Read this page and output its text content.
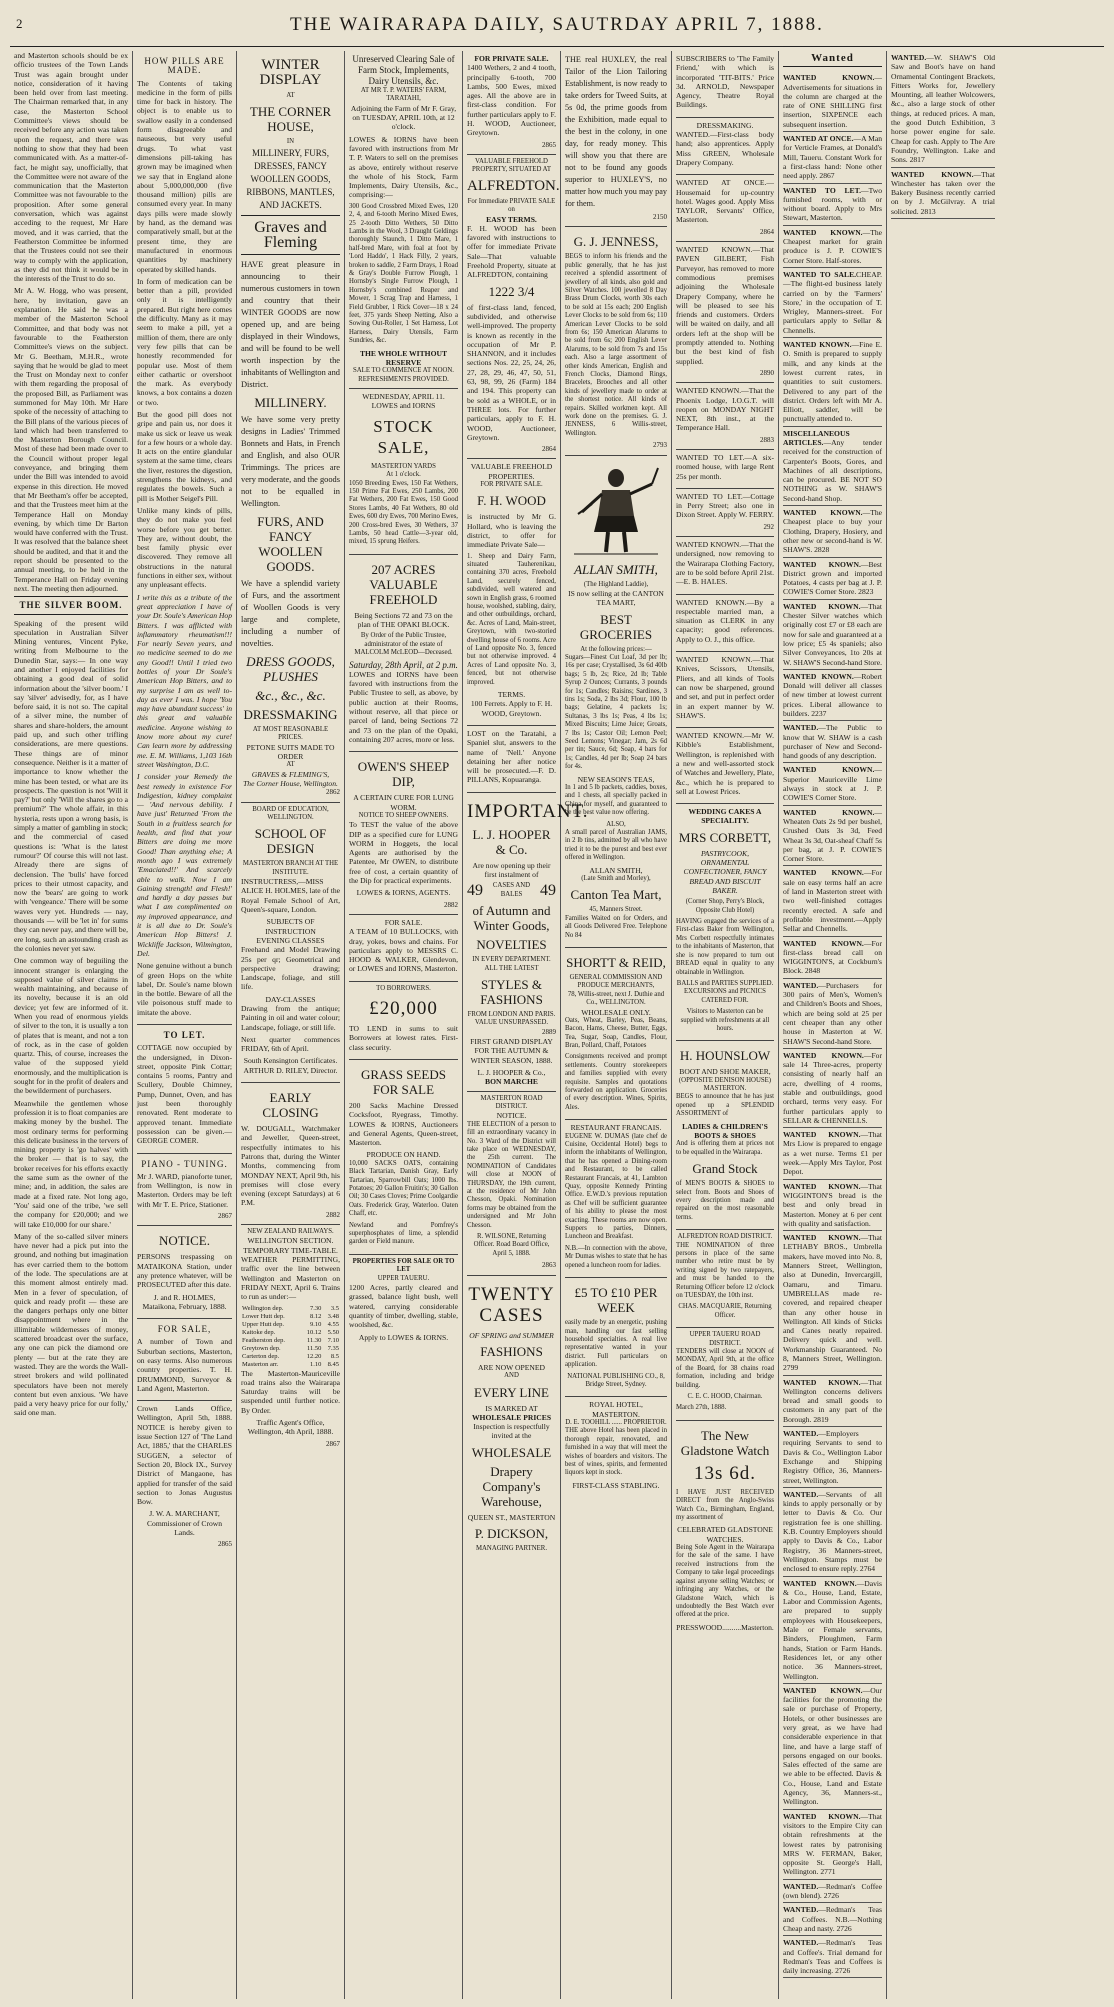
2	THE WAIRARAPA DAILY, SAUTRDAY APRIL 7, 1888.

and Masterton schools should be ex officio trustees of the Town Lands Trust was again brought under notice, consideration of it having been held over from last meeting. The Chairman remarked that, in any case, the Masterton School Committee's views should be received before any action was taken upon the request, and there was nothing to show that they had been communicated with. As a matter-of-fact, he might say, unofficially, that the Committee were not aware of the communication that the Masterton Committee was not favourable to the proposition. After some general conversation, which was against acceding to the request, Mr Hare moved, and it was carried, that the Featherston Committee be informed that the Trustees could not see their way to comply with the application, as they did not think it would be in the interests of the Trust to do so.

Mr A. W. Hogg, who was present, here, by invitation, gave an explanation. He said he was a member of the Masterton School Committee, and that body was not favourable to the Featherston Committee's views on the subject. Mr G. Beetham, M.H.R., wrote saying that he would be glad to meet the Trust on Monday next to confer with them regarding the proposal of the proposed Bill, as Parliament was summoned for May 10th. Mr Hare spoke of the necessity of attaching to the Bill plans of the various pieces of land which had been transferred to the Masterton Borough Council. Most of these had been made over to the Council without proper legal conveyance, and bringing them under the Bill was intended to avoid expense in this direction. He moved that Mr Beetham's offer be accepted, and that the Trustees meet him at the Temperance Hall on Monday evening, by which time Dr Barton would have conferred with the Trust. It was resolved that the balance sheet should be audited, and that it and the report should be presented to the annual meeting, to be held in the Temperance Hall on Friday evening next. The meeting then adjourned.

THE SILVER BOOM.

Speaking of the present wild speculation in Australian Silver Mining ventures, Vincent Pyke, writing from Melbourne to the Dunedin Star, says:— In one way and another I enjoyed facilities for obtaining a good deal of solid information about the 'silver boom.' I say 'silver' advisedly, for, as I have before said, it is not so. The capital of a silver mine, the number of shares and share-holders, the amount paid up, and such other trifling considerations, are mere questions. These things are of minor consequence. Neither is it a matter of importance to know whether the mine has been tested, or what are its prospects. The question is not 'Will it pay?' but only 'Will the shares go to a premium?' The whole affair, in this hysteria, rests upon a wrong basis, is simply a matter of gambling in stock; and the commercial of cased questions is: 'What is the latest rumour?' Of course this will not last. Already there are signs of declension. The 'bulls' have forced prices to their utmost capacity, and now the 'bears' are going to work with 'vengeance.' There will be some waves very yet. Hundreds — nay, thousands — will be 'let in' for sums they can never pay, and there will be, ere long, such an astounding crash as the colonies never yet saw.

One common way of beguiling the innocent stranger is enlarging the supposed value of silver claims in wealth maintaining, and because of its novelty, because it is an old device; yet few are informed of it. When you read of enormous yields of silver to the ton, it is usually a ton of plates that is meant, and not a ton of rock, as in the case of golden quartz. This, of course, increases the value of the supposed yield enormously, and the multiplication is sought for in the profit of dealers and the bewilderment of purchasers.

Meanwhile the gentlemen whose profession it is to float companies are making money by the bushel. The most ordinary terms for performing this delicate business in the tervers of mining property is 'go halves' with the broker — that is to say, the broker receives for his efforts exactly the same sum as the owner of the mine; and, in addition, the sales are made at a fixed rate. Not long ago, 'You' said one of the tribe, 'we sell the company for £20,000; and we will take £10,000 for our share.'

Many of the so-called silver miners have never had a pick put into the ground, and nothing but imagination has ever carried them to the bottom of the lode. The speculations are at this moment almost entirely mad. Men in a fever of speculation, of quick and ready profit — these are the dangers perhaps only one bitter disappointment where in the illimitable wildernesses of money, scattered broadcast over the surface, any one can pick the diamond ore plenty — but at the rate they are wasted. They are the words the Wall-street brokers and wild pollinated speculators have been not merely content but even anxious. 'We have paid a very heavy price for our folly,' said one man.

HOW PILLS ARE MADE.

The Contents of taking medicine in the form of pills time for back in history. The object is to enable us to swallow easily in a condensed form disagreeable and nauseous, but very useful drugs. To what vast dimensions pill-taking has grown may be imagined when we say that in England alone about 5,000,000,000 (five thousand million) pills are consumed every year. In many days pills were made slowly by hand, as the demand was comparatively small, but at the present time, they are manufactured in enormous quantities by machinery operated by skilled hands.

In form of medication can be better than a pill, provided only it is intelligently prepared. But right here comes the difficulty. Many as it may seem to make a pill, yet a million of them, there are only very few pills that can be honestly recommended for popular use. Most of them either cathartic or overshoot the mark. As everybody knows, a box contains a dozen or two.

But the good pill does not gripe and pain us, nor does it make us sick or leave us weak for a few hours or a whole day. It acts on the entire glandular system at the same time, clears the liver, restores the digestion, strengthens the kidneys, and regulates the bowels. Such a pill is Mother Seigel's Pill.

Unlike many kinds of pills, they do not make you feel worse before you get better. They are, without doubt, the best family physic ever discovered. They remove all obstructions in the natural functions in either sex, without any unpleasant effects.

I write this as a tribute of the great appreciation I have of your Dr. Soule's American Hop Bitters. I was afflicted with inflammatory rheumatism!!! For nearly Seven years, and no medicine seemed to do me any Good!! Until I tried two bottles of your Dr Soule's American Hop Bitters, and to my surprise I am as well to-day as ever I was. I hope 'You may have abundant success' in this great and valuable medicine. Anyone wishing to know more about my cure! Can learn more by addressing me. E. M. Williams, 1,103 16th street Washington, D.C.

I consider your Remedy the best remedy in existence For Indigestion, kidney complaint — 'And nervous debility. I have just' Returned 'From the South in a fruitless search for health, and find that your Bitters are doing me more Good! Than anything else; A month ago I was extremely 'Emaciated!!' And scarcely able to walk. Now I am Gaining strength! and Flesh!' and hardly a day passes but what I am complimented on my improved appearance, and it is all due to Dr. Soule's American Hop Bitters! J. Wickliffe Jackson, Wilmington, Del.

None genuine without a bunch of green Hops on the white label, Dr. Soule's name blown in the bottle. Beware of all the vile poisonous stuff made to imitate the above.

TO LET.

COTTAGE now occupied by the undersigned, in Dixon-street, opposite Pink Cottar; contains 5 rooms, Pantry and Scullery, Double Chimney, Pump, Dunnet, Oven, and has just been thoroughly renovated. Rent moderate to approved tenant. Immediate possession can be given.—GEORGE COMER.

PIANO - TUNING.

Mr J. WARD, pianoforte tuner, from Wellington, is now in Masterton. Orders may be left with Mr T. E. Price, Stationer.

2867
NOTICE.

PERSONS trespassing on MATAIKONA Station, under any pretence whatever, will be PROSECUTED after this date.

J. and R. HOLMES, Mataikona, February, 1888.

FOR SALE,

A number of Town and Suburban sections, Masterton, on easy terms. Also numerous country properties. T. H. DRUMMOND, Surveyor & Land Agent, Masterton.

Crown Lands Office, Wellington, April 5th, 1888. NOTICE is hereby given to issue Section 127 of 'The Land Act, 1885,' that the CHARLES SUGGEN, a selector of Section 20, Block IX., Survey District of Mangaone, has applied for transfer of the said section to Jonas Augustus Bow.

J. W. A. MARCHANT, Commissioner of Crown Lands.

2865
WINTER DISPLAY
AT
THE CORNER HOUSE,
IN

MILLINERY, FURS, DRESSES, FANCY WOOLLEN GOODS, RIBBONS, MANTLES, AND JACKETS.

Graves and Fleming

HAVE great pleasure in announcing to their numerous customers in town and country that their WINTER GOODS are now opened up, and are being displayed in their Windows, and will be found to be well worth inspection by the inhabitants of Wellington and District.

MILLINERY.

We have some very pretty designs in Ladies' Trimmed Bonnets and Hats, in French and English, and also OUR Trimmings. The prices are very moderate, and the goods not to be equalled in Wellington.

FURS, AND FANCY WOOLLEN GOODS.

We have a splendid variety of Furs, and the assortment of Woollen Goods is very large and complete, including a number of novelties.

DRESS GOODS, PLUSHES
&c., &c., &c.
DRESSMAKING
AT MOST REASONABLE PRICES.
PETONE SUITS MADE TO ORDER
AT
GRAVES & FLEMING'S,
The Corner House, Wellington.
2862
BOARD OF EDUCATION, WELLINGTON.
SCHOOL OF DESIGN
MASTERTON BRANCH AT THE INSTITUTE.

INSTRUCTRESS,—MISS ALICE H. HOLMES, late of the Royal Female School of Art, Queen's-square, London.

SUBJECTS OF INSTRUCTION
EVENING CLASSES

Freehand and Model Drawing 25s per qr; Geometrical and perspective drawing; Landscape, foliage, and still life.

DAY-CLASSES

Drawing from the antique; Painting in oil and water colour; Landscape, foliage, or still life.

Next quarter commences FRIDAY, 6th of April.

South Kensington Certificates. ARTHUR D. RILEY, Director.

EARLY CLOSING

W. DOUGALL, Watchmaker and Jeweller, Queen-street, respectfully intimates to his Patrons that, during the Winter Months, commencing from MONDAY NEXT, April 9th, his premises will close every evening (except Saturdays) at 6 P.M.

2882
NEW ZEALAND RAILWAYS.
WELLINGTON SECTION.
TEMPORARY TIME-TABLE.

WEATHER PERMITTING, traffic over the line between Wellington and Masterton on FRIDAY NEXT, April 6. Trains to run as under:—

Wellington dep.	7.30	3.5
Lower Hutt dep.	8.12	3.48
Upper Hutt dep.	9.10	4.55
Kaitoke dep.	10.12	5.50
Featherston dep.	11.30	7.10
Greytown dep.	11.50	7.35
Carterton dep.	12.20	8.5
Masterton arr.	1.10	8.45

The Masterton-Mauriceville road trains also the Wairarapa Saturday trains will be suspended until further notice. By Order.

Traffic Agent's Office, Wellington, 4th April, 1888.

2867
Unreserved Clearing Sale of Farm Stock, Implements, Dairy Utensils, &c.
AT MR T. P. WATERS' FARM, TARATAHI,

Adjoining the Farm of Mr F. Gray, on TUESDAY, APRIL 10th, at 12 o'clock.

LOWES & IORNS have been favored with instructions from Mr T. P. Waters to sell on the premises as above, entirely without reserve the whole of his Stock, Farm Implements, Dairy Utensils, &c., comprising:—

300 Good Crossbred Mixed Ewes, 120 2, 4, and 6-tooth Merino Mixed Ewes, 25 2-tooth Ditto Wethers, 50 Ditto Lambs in the Wool, 3 Draught Geldings thoroughly Staunch, 1 Ditto Mare, 1 half-bred Mare, with foal at foot by 'Lord Haddo', 1 Hack Filly, 2 years, broken to saddle, 2 Farm Drays, 1 Road & Gray's Double Furrow Plough, 1 Hornsby's Single Furrow Plough, 1 Hornsby's combined Reaper and Mower, 1 Scrag Trap and Harness, 1 Field Grubber, 1 Rick Cover—18 x 24 feet, 375 yards Sheep Netting, Also a Sowing Out-Roller, 1 Set Harness, Lot Harness, Dairy Utensils, Farm Sundries, &c.

THE WHOLE WITHOUT RESERVE
SALE TO COMMENCE AT NOON. REFRESHMENTS PROVIDED.
WEDNESDAY, APRIL 11.
LOWES and IORNS
STOCK SALE,
MASTERTON YARDS
At 1 o'clock.

1050 Breeding Ewes, 150 Fat Wethers, 150 Prime Fat Ewes, 250 Lambs, 200 Fat Wethers, 200 Fat Ewes, 150 Good Stores Lambs, 40 Fat Wethers, 80 old Ewes, 600 dry Ewes, 700 Merino Ewes, 200 Cross-bred Ewes, 30 Wethers, 37 Lambs, 50 head Cattle—3-year old, mixed, 15 sprung Heifers.

207 ACRES VALUABLE FREEHOLD

Being Sections 72 and 73 on the plan of THE OPAKI BLOCK.

By Order of the Public Trustee, administrator of the estate of MALCOLM McLEOD—Deceased.

Saturday, 28th April, at 2 p.m.

LOWES and IORNS have been favored with instructions from the Public Trustee to sell, as above, by public auction at their Rooms, without reserve, all that piece or parcel of land, being Sections 72 and 73 on the plan of the Opaki, containing 207 acres, more or less.

OWEN'S SHEEP DIP,
A CERTAIN CURE FOR LUNG WORM.
NOTICE TO SHEEP OWNERS.

To TEST the value of the above DIP as a specified cure for LUNG WORM in Hoggets, the local Agents are authorised by the Patentee, Mr OWEN, to distribute free of cost, a certain quantity of the Dip for practical experiments.

LOWES & IORNS, AGENTS.

2882
FOR SALE.

A TEAM of 10 BULLOCKS, with dray, yokes, bows and chains. For particulars apply to MESSRS C. HOOD & WALKER, Glendevon, or LOWES and IORNS, Masterton.

TO BORROWERS.
£20,000

TO LEND in sums to suit Borrowers at lowest rates. First-class security.

GRASS SEEDS FOR SALE

200 Sacks Machine Dressed Cocksfoot, Ryegrass, Timothy. LOWES & IORNS, Auctioneers and General Agents, Queen-street, Masterton.

PRODUCE ON HAND.

10,000 SACKS OATS, containing Black Tartarian, Danish Gray, Early Tartarian, Sparrowbill Oats; 1000 lbs. Potatoes; 20 Gallon Fruitin's; 30 Gallon Oil; 30 Cases Cloves; Prime Coolgardie Oats. Frederick Gray, Waterloo. Oaten Chaff, etc.

Newland and Pomfrey's superphosphates of lime, a splendid garden or Field manure.

PROPERTIES FOR SALE OR TO LET
UPPER TAUERU.

1200 Acres, partly cleared and grassed, balance light bush, well watered, carrying considerable quantity of timber, dwelling, stable, woolshed, &c.

Apply to LOWES & IORNS.

FOR PRIVATE SALE.

1400 Wethers, 2 and 4 tooth, principally 6-tooth, 700 Lambs, 500 Ewes, mixed ages. All the above are in first-class condition. For further particulars apply to F. H. WOOD, Auctioneer, Greytown.

2865
VALUABLE FREEHOLD PROPERTY, SITUATED AT
ALFREDTON.
For Immediate PRIVATE SALE on
EASY TERMS.

F. H. WOOD has been favored with instructions to offer for immediate Private Sale—That valuable Freehold Property, situate at ALFREDTON, containing

1222 3/4

of first-class land, fenced, subdivided, and otherwise well-improved. The property is known as recently in the occupation of Mr P. SHANNON, and it includes sections Nos. 22, 25, 24, 26, 27, 28, 29, 46, 47, 50, 51, 63, 98, 99, 26 (Farm) 184 and 194. This property can be sold as a WHOLE, or in THREE lots. For further particulars, apply to F. H. WOOD, Auctioneer, Greytown.

2864
VALUABLE FREEHOLD PROPERTIES.
FOR PRIVATE SALE.
F. H. WOOD

is instructed by Mr G. Hollard, who is leaving the district, to offer for immediate Private Sale—

1. Sheep and Dairy Farm, situated Tauherenikau, containing 370 acres, Freehold Land, securely fenced, subdivided, well watered and sown in English grass, 6 roomed house, woolshed, stabling, dairy, and other outbuildings, orchard, &c. Acres of Land, Main-street, Greytown, with two-storied dwelling house of 6 rooms. Acre of Land opposite No. 3, fenced but not otherwise improved. 4 Acres of Land opposite No. 3, fenced, but not otherwise improved.

TERMS.

100 Ferrets. Apply to F. H. WOOD, Greytown.

LOST on the Taratahi, a Spaniel slut, answers to the name of 'Nell.' Anyone detaining her after notice will be prosecuted.—F. D. PILLANS, Kopuaranga.

IMPORTANT.
L. J. HOOPER & Co.

Are now opening up their first instalment of

49	CASES AND BALES	49
of Autumn and Winter Goods,
NOVELTIES
IN EVERY DEPARTMENT.
ALL THE LATEST
STYLES & FASHIONS
FROM LONDON AND PARIS.
VALUE UNSURPASSED.
2889

FIRST GRAND DISPLAY FOR THE AUTUMN & WINTER SEASON, 1888.

L. J. HOOPER & Co.,
BON MARCHE
MASTERTON ROAD DISTRICT.
NOTICE.

THE ELECTION of a person to fill an extraordinary vacancy in No. 3 Ward of the District will take place on WEDNESDAY, the 25th current. The NOMINATION of Candidates will close at NOON of THURSDAY, the 19th current, at the residence of Mr John Chesson, Opaki. Nomination forms may be obtained from the undersigned and Mr John Chesson.

R. WILSONE, Returning Officer. Road Board Office, April 5, 1888.

2863
TWENTY CASES
OF SPRING and SUMMER
FASHIONS
ARE NOW OPENED
AND
EVERY LINE
IS MARKED AT
WHOLESALE PRICES

Inspection is respectfully invited at the

WHOLESALE
Drapery Company's Warehouse,
QUEEN ST., MASTERTON
P. DICKSON,
MANAGING PARTNER.

THE real HUXLEY, the real Tailor of the Lion Tailoring Establishment, is now ready to take orders for Tweed Suits, at 5s 0d, the prime goods from the Exhibition, made equal to the best in the colony, in one day, for ready money. This will show you that there are not to be found any goods superior to HUXLEY'S, no matter how much you may pay for them.

2150
G. J. JENNESS,

BEGS to inform his friends and the public generally, that he has just received a splendid assortment of jewellery of all kinds, also gold and Silver Watches. 100 jewelled 8 Day Brass Drum Clocks, worth 30s each to be sold at 15s each; 200 English Lever Clocks to be sold from 6s; 110 American Lever Clocks to be sold from 6s; 150 American Alarums to be sold from 6s; 200 English Lever Alarums, to be sold from 7s and 15s each. Also a large assortment of other kinds American, English and French Clocks, Diamond Rings, Bracelets, Brooches and all other kinds of jewellery made to order at the shortest notice. All kinds of repairs. Skilled workmen kept. All work done on the premises. G. J. JENNESS, 6 Willis-street, Wellington.

2793
ALLAN SMITH,
(The Highland Laddie),

IS now selling at the CANTON TEA MART,

BEST GROCERIES
At the following prices:—

Sugars—Finest Cut Loaf, 3d per lb; 16s per case; Crystallised, 3s 6d 40lb bags; 5 lb, 2s; Rice, 2d lb; Table Syrup 2 Ounces; Currants, 3 pounds for 1s; Candles; Raisins; Sardines, 3 tins 1s; Soda, 2 lbs 3d; Flour, 100 lb bags; Gelatine, 4 packets 1s; Sultanas, 3 lbs 1s; Peas, 4 lbs 1s; Mixed Biscuits; Lime Juice; Groats, 7 lbs 1s; Castor Oil; Lemon Peel; Seed Lemons; Vinegar; Jam, 2s 6d per tin; Sauce, 6d; Soap, 4 bars for 1s; Candles, 4d per lb; Soap 24 bars for 4s.

NEW SEASON'S TEAS,

In 1 and 5 lb packets, caddies, boxes, and 1 chests, all specially packed in China for myself, and guaranteed to be the best value now offering.

ALSO,

A small parcel of Australian JAMS, in 2 lb tins, admitted by all who have tried it to be the purest and best ever offered in Wellington.

ALLAN SMITH,
(Late Smith and Morley),
Canton Tea Mart,
45, Manners Street.

Families Waited on for Orders, and all Goods Delivered Free. Telephone No 84

SHORTT & REID,
GENERAL COMMISSION AND PRODUCE MERCHANTS,
78, Willis-street, next J. Duthie and Co., WELLINGTON.
WHOLESALE ONLY.

Oats, Wheat, Barley, Peas, Beans, Bacon, Hams, Cheese, Butter, Eggs, Tea, Sugar, Soap, Candles, Flour, Bran, Pollard, Chaff, Potatoes

Consignments received and prompt settlements. Country storekeepers and families supplied with every requisite. Samples and quotations forwarded on application. Groceries of every description. Wines, Spirits, Ales.

RESTAURANT FRANCAIS.

EUGENE W. DUMAS (late chef de Cuisine, Occidental Hotel) begs to inform the inhabitants of Wellington, that he has opened a Dining-room and Restaurant, to be called Restaurant Francais, at 41, Lambton Quay, opposite Kennedy Printing Office. E.W.D.'s previous reputation as Chef will be sufficient guarantee of his ability to please the most exacting. These rooms are now open. Suppers to parties, Dinners, Luncheon and Breakfast.

N.B.—In connection with the above, Mr Dumas wishes to state that he has opened a luncheon room for ladies.

£5 TO £10 PER WEEK

easily made by an energetic, pushing man, handling our fast selling household specialties. A real live representative wanted in your district. Full particulars on application.

NATIONAL PUBLISHING CO., 8, Bridge Street, Sydney.

ROYAL HOTEL, MASTERTON.
D. E. TOOHILL ...... PROPRIETOR.

THE above Hotel has been placed in thorough repair, renovated, and furnished in a way that will meet the wishes of boarders and visitors. The best of wines, spirits, and fermented liquors kept in stock.

FIRST-CLASS STABLING.

SUBSCRIBERS to 'The Family Friend,' with which is incorporated 'TIT-BITS.' Price 3d. ARNOLD, Newspaper Agency, Theatre Royal Buildings.

DRESSMAKING.

WANTED.—First-class body hand; also apprentices. Apply Miss GREEN, Wholesale Drapery Company.

WANTED AT ONCE.—Housemaid for up-country hotel. Wages good. Apply Miss TAYLOR, Servants' Office, Masterton.

2864

WANTED KNOWN.—That PAVEN GILBERT, Fish Purveyor, has removed to more commodious premises adjoining the Wholesale Drapery Company, where he will be pleased to see his friends and customers. Orders will be waited on daily, and all orders left at the shop will be promptly attended to. Nothing but the best kind of fish supplied.

2890

WANTED KNOWN.—That the Phoenix Lodge, I.O.G.T. will reopen on MONDAY NIGHT NEXT, 8th inst., at the Temperance Hall.

2883

WANTED TO LET.—A six-roomed house, with large Rent 25s per month.

WANTED TO LET.—Cottage in Perry Street; also one in Dixon Street. Apply W. FERRY.

292

WANTED KNOWN.—That the undersigned, now removing to the Wairarapa Clothing Factory, are to be sold before April 21st.—E. B. HALES.

WANTED KNOWN.—By a respectable married man, a situation as CLERK in any capacity; good references. Apply to O. J., this office.

WANTED KNOWN.—That Knives, Scissors, Utensils, Pliers, and all kinds of Tools can now be sharpened, ground and set, and put in perfect order in an expert manner by W. SHAW'S.

WANTED KNOWN.—Mr W. Kibble's Establishment, Wellington, is replenished with a new and well-assorted stock of Watches and Jewellery, Plate, &c., which he is prepared to sell at Lowest Prices.

WEDDING CAKES A SPECIALITY.
MRS CORBETT,

PASTRYCOOK, ORNAMENTAL CONFECTIONER, FANCY BREAD AND BISCUIT BAKER.

(Corner Shop, Perry's Block, Opposite Club Hotel)

HAVING engaged the services of a First-class Baker from Wellington, Mrs Corbett respectfully intimates to the inhabitants of Masterton, that she is now prepared to turn out BREAD equal in quality to any obtainable in Wellington.

BALLS and PARTIES SUPPLIED. EXCURSIONS and PICNICS CATERED FOR.

Visitors to Masterton can be supplied with refreshments at all hours.

H. HOUNSLOW
BOOT AND SHOE MAKER,
(OPPOSITE DENISON HOUSE)
MASTERTON.

BEGS to announce that he has just opened up a SPLENDID ASSORTMENT of

LADIES & CHILDREN'S BOOTS & SHOES

And is offering them at prices not to be equalled in the Wairarapa.

Grand Stock

of MEN'S BOOTS & SHOES to select from. Boots and Shoes of every description made and repaired on the most reasonable terms.

ALFREDTON ROAD DISTRICT.

THE NOMINATION of three persons in place of the same number who retire must be by writing signed by two ratepayers, and must be handed to the Returning Officer before 12 o'clock on TUESDAY, the 10th inst.

CHAS. MACQUARIE, Returning Officer.

UPPER TAUERU ROAD DISTRICT.

TENDERS will close at NOON of MONDAY, April 9th, at the office of the Board, for 38 chains road formation, including and bridge building.

C. E. C. HOOD, Chairman.

March 27th, 1888.

The New Gladstone Watch
13s 6d.

I HAVE JUST RECEIVED DIRECT from the Anglo-Swiss Watch Co., Birmingham, England, my assortment of

CELEBRATED GLADSTONE WATCHES.

Being Sole Agent in the Wairarapa for the sale of the same. I have received instructions from the Company to take legal proceedings against anyone selling Watches; or infringing any Watches, or the Gladstone Watch, which is undoubtedly the Best Watch ever offered at the price.

PRESSWOOD..........Masterton.
Wanted

WANTED KNOWN.—Advertisements for situations in the column are charged at the rate of ONE SHILLING first insertion, SIXPENCE each subsequent insertion.

WANTED AT ONCE.—A Man for Verticle Frames, at Donald's Mill, Taueru. Constant Work for a first-class hand: None other need apply. 2867

WANTED TO LET.—Two furnished rooms, with or without board. Apply to Mrs Stewart, Masterton.

WANTED KNOWN.—The Cheapest market for grain produce is J. P. COWIE'S Corner Store. Half-stores.

WANTED TO SALE.CHEAP.—The flight-ed business lately carried on by the 'Farmers' Store,' in the occupation of T. Wrigley, Manners-street. For particulars apply to Sellar & Chennells.

WANTED KNOWN.—Fine E. O. Smith is prepared to supply milk, and any kinds at the lowest current rates, in quantities to suit customers. Delivered to any part of the district. Orders left with Mr A. Elliott, saddler, will be punctually attended to.

MISCELLANEOUS ARTICLES.—Any tender received for the construction of Carpenter's Boots, Gores, and Machines of all descriptions, can be procured. BE NOT SO NOTHING as W. SHAW'S Second-hand Shop.

WANTED KNOWN.—The Cheapest place to buy your Clothing, Drapery, Hosiery, and other new or second-hand is W. SHAW'S. 2828

WANTED KNOWN.—Best District grown and imported Potatoes, 4 casts per bag at J. P. COWIE'S Corner Store. 2823

WANTED KNOWN.—That Chester Silver watches which originally cost £7 or £8 each are now for sale and guaranteed at a low price; £5 4s spaniels; also Silver Conveyances, 1to 20s at W. SHAW'S Second-hand Store.

WANTED KNOWN.—Robert Donald will deliver all classes of new timber at lowest current prices. Liberal allowance to builders. 2237

WANTED.—The Public to know that W. SHAW is a cash purchaser of New and Second-hand goods of any description.

WANTED KNOWN.—Superior Mauriceville Lime always in stock at J. P. COWIE'S Corner Store.

WANTED KNOWN.—Wheaten Oats 2s 9d per bushel, Crushed Oats 3s 3d, Feed Wheat 3s 3d, Oat-sheaf Chaff 5s per bag, at J. P. COWIE'S Corner Store.

WANTED KNOWN.—For sale on easy terms half an acre of land in Masterton street with two well-finished cottages recently erected. A safe and profitable investment.—Apply Sellar and Chennells.

WANTED KNOWN.—For first-class bread call on WIGGINTON'S, at Cockburn's Block. 2848

WANTED.—Purchasers for 300 pairs of Men's, Women's and Children's Boots and Shoes, which are being sold at 25 per cent cheaper than any other house in Masterton at W. SHAW'S Second-hand Store.

WANTED KNOWN.—For sale 14 Three-acres, property consisting of nearly half an acre, dwelling of 4 rooms, stable and outbuildings, good orchard, terms very easy. For further particulars apply to SELLAR & CHENNELLS.

WANTED KNOWN.—That Mrs Liow is prepared to engage as a wet nurse. Terms £1 per week.—Apply Mrs Taylor, Post Depot.

WANTED KNOWN.—That WIGGINTON'S bread is the best and only bread in Masterton. Money at 6 per cent with quality and satisfaction.

WANTED KNOWN.—That LETHABY BROS., Umbrella makers, have moved into No. 8, Manners Street, Wellington, also at Dunedin, Invercargill, Oamaru, and Timaru. UMBRELLAS made re-covered, and repaired cheaper than any other house in Wellington. All kinds of Sticks and Canes neatly repaired. Delivery quick and well. Workmanship Guaranteed. No 8, Manners Street, Wellington. 2799

WANTED KNOWN.—That Wellington concerns delivers bread and small goods to customers in any part of the Borough. 2819

WANTED.—Employers requiring Servants to send to Davis & Co., Wellington Labor Exchange and Shipping Registry Office, 36, Manners-street, Wellington.

WANTED.—Servants of all kinds to apply personally or by letter to Davis & Co. Our registration fee is one shilling. K.B. Country Employers should apply to Davis & Co., Labor Registry, 36 Manners-street, Wellington. Stamps must be enclosed to ensure reply. 2764

WANTED KNOWN.—Davis & Co., House, Land, Estate, Labor and Commission Agents, are prepared to supply employees with Housekeepers, Male or Female servants, Binders, Ploughmen, Farm hands, Station or Farm Hands. Residences let, or any other notice. 36 Manners-street, Wellington.

WANTED KNOWN.—Our facilities for the promoting the sale or purchase of Property, Hotels, or other businesses are very great, as we have had considerable experience in that line, and have a large staff of persons engaged on our books. Sales effected of the same are we able to be effected. Davis & Co., House, Land and Estate Agency, 36, Manners-st., Wellington.

WANTED KNOWN.—That visitors to the Empire City can obtain refreshments at the lowest rates by patronising MRS W. FERMAN, Baker, opposite St. George's Hall, Wellington. 2771

WANTED.—Redman's Coffee (own blend). 2726

WANTED.—Redman's Teas and Coffees. N.B.—Nothing Cheap and nasty. 2726

WANTED.—Redman's Teas and Coffee's. Trial demand for Redman's Teas and Coffees is daily increasing. 2726

WANTED.—W. SHAW'S Old Saw and Boot's have on hand Ornamental Contingent Brackets, Fitters Works for, Jewellery Mounting, all leather Wolcowers, &c., also a large stock of other things, at reduced prices. A man, the good Dutch Exhibition, 3 horse power engine for sale. Cheap for cash. Apply to The Are Foundry, Wellington. Lake and Sons. 2817

WANTED KNOWN.—That Winchester has taken over the Bakery Business recently carried on by J. McGilvray. A trial solicited. 2813
